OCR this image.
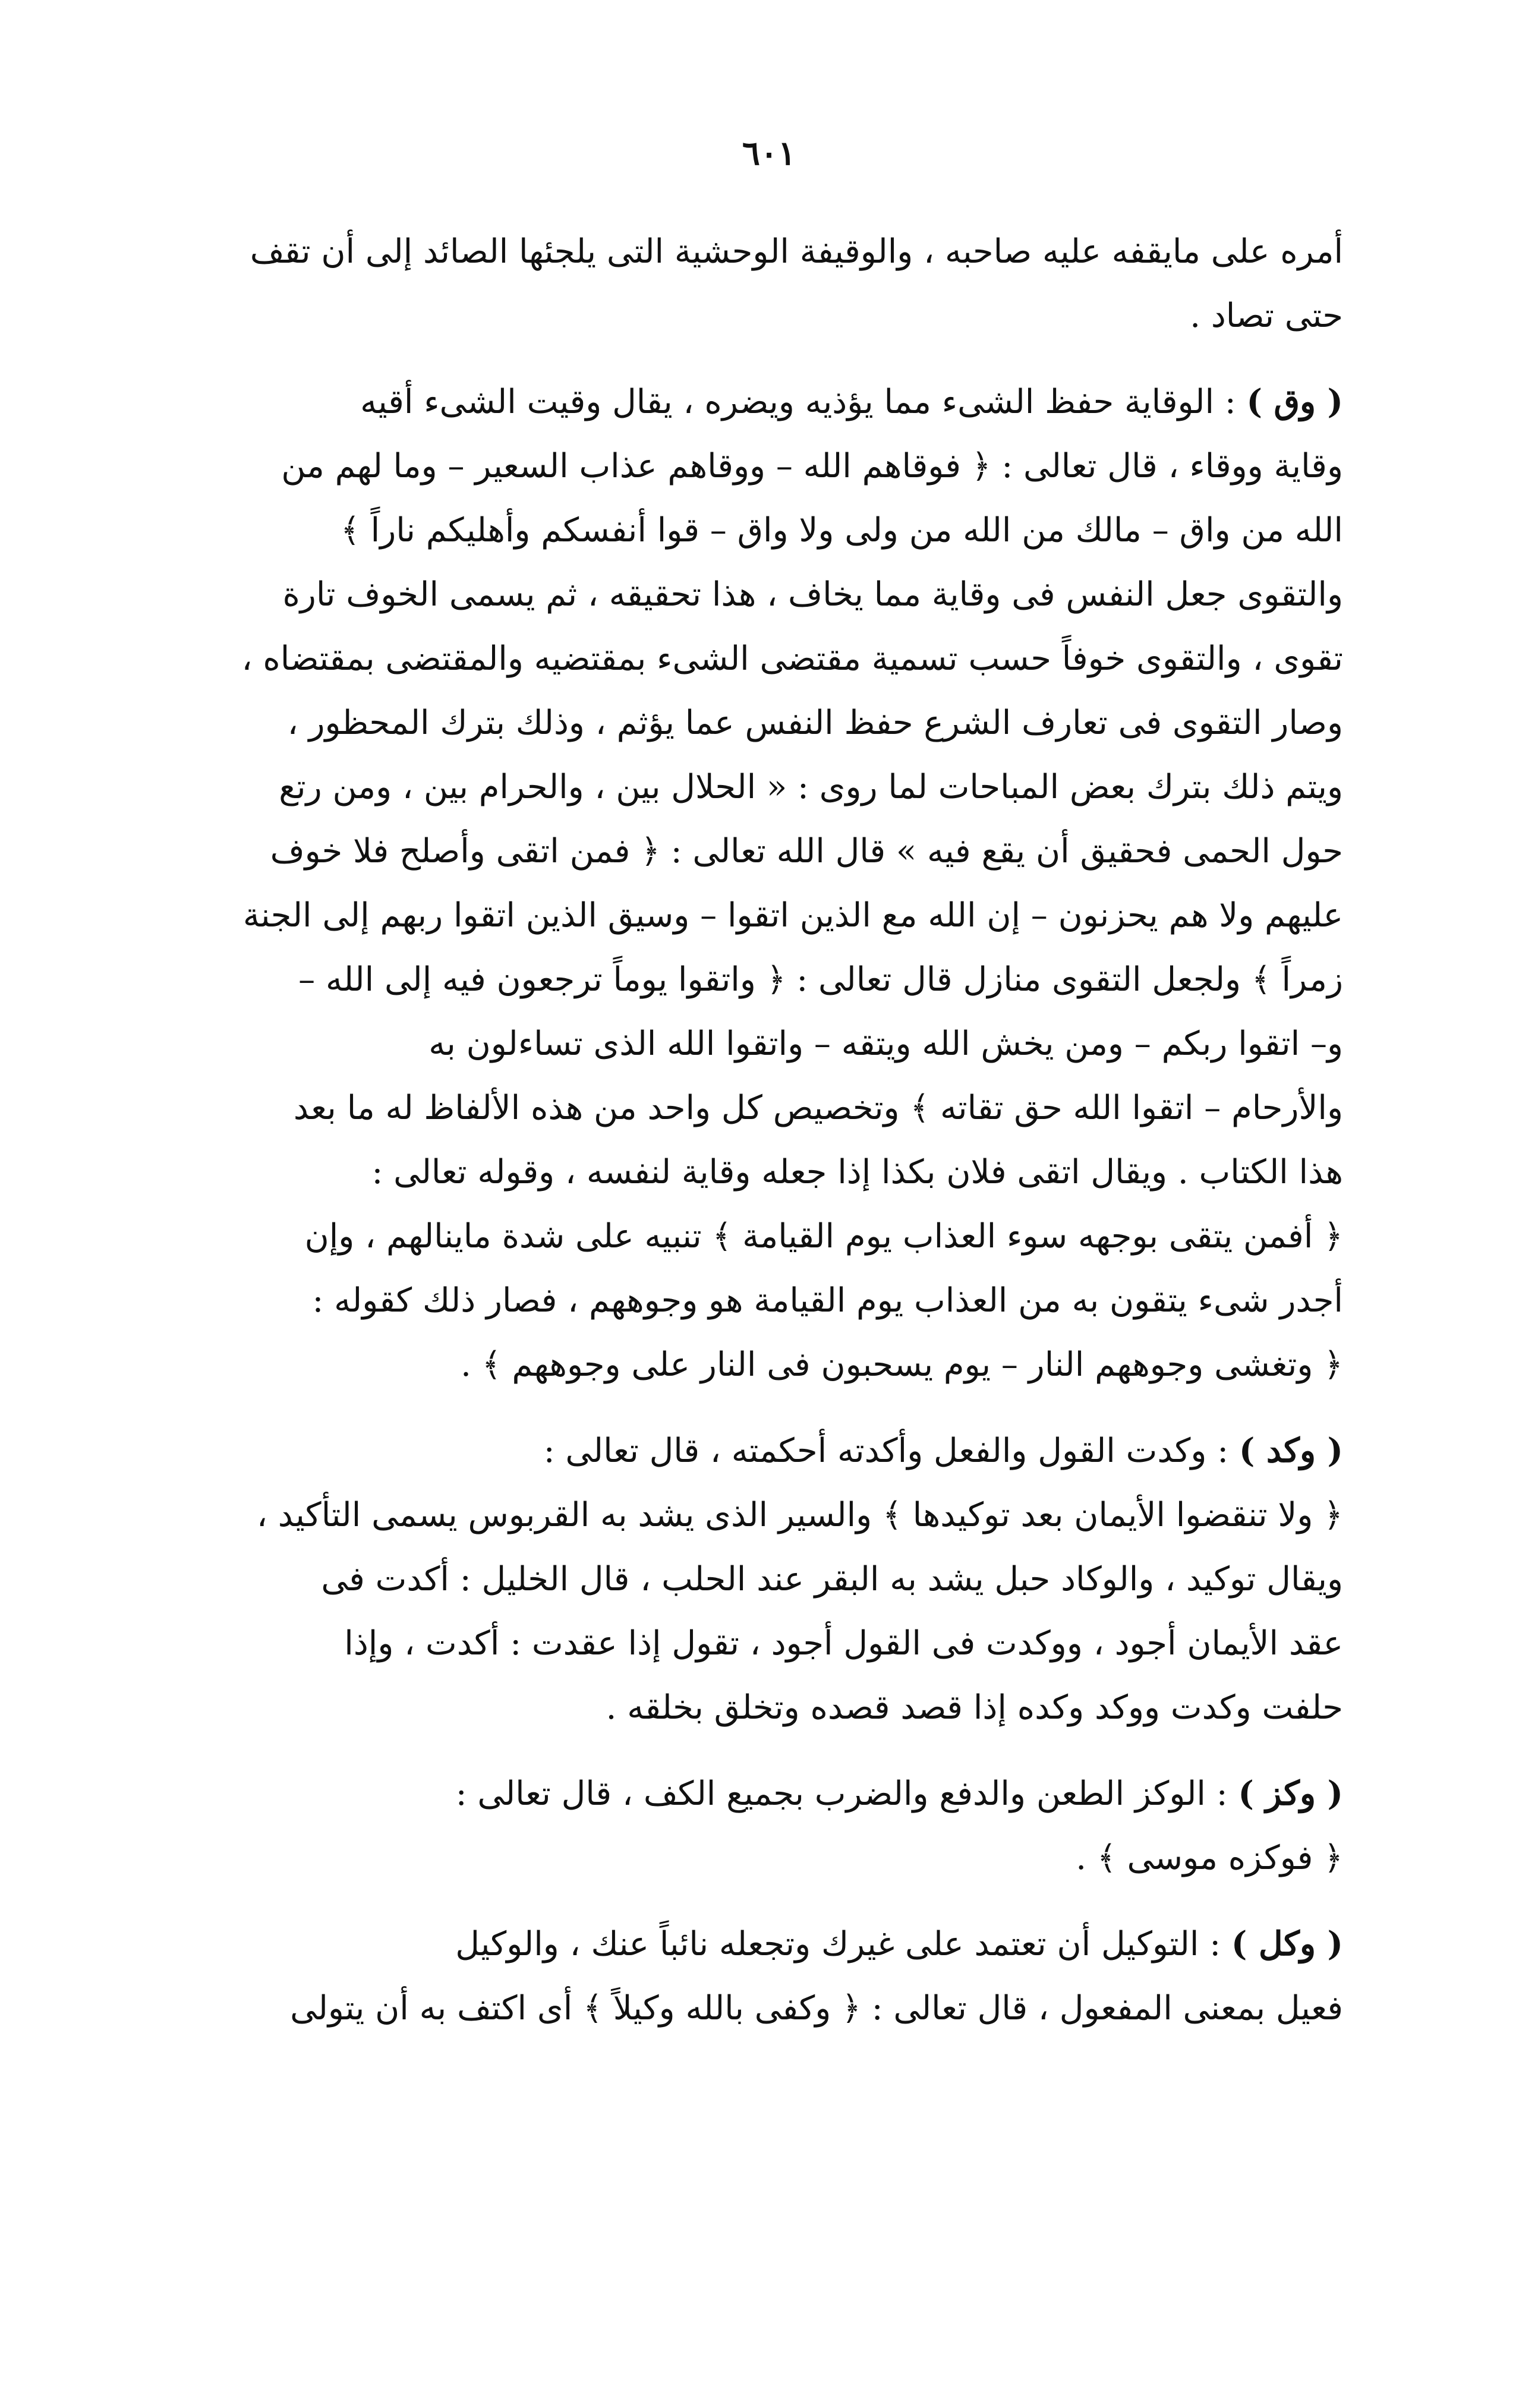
٦٠١

أمره على مايقفه عليه صاحبه ، والوقيفة الوحشية التى يلجئها الصائد إلى أن تقف
حتى تصاد .

( وق ) : الوقاية حفظ الشىء مما يؤذيه ويضره ، يقال وقيت الشىء أقيه
وقاية ووقاء ، قال تعالى : ﴿ فوقاهم الله – ووقاهم عذاب السعير – وما لهم من
الله من واق – مالك من الله من ولى ولا واق – قوا أنفسكم وأهليكم ناراً ﴾
والتقوى جعل النفس فى وقاية مما يخاف ، هذا تحقيقه ، ثم يسمى الخوف تارة
تقوى ، والتقوى خوفاً حسب تسمية مقتضى الشىء بمقتضيه والمقتضى بمقتضاه ،
وصار التقوى فى تعارف الشرع حفظ النفس عما يؤثم ، وذلك بترك المحظور ،
ويتم ذلك بترك بعض المباحات لما روى : « الحلال بين ، والحرام بين ، ومن رتع
حول الحمى فحقيق أن يقع فيه » قال الله تعالى : ﴿ فمن اتقى وأصلح فلا خوف
عليهم ولا هم يحزنون – إن الله مع الذين اتقوا – وسيق الذين اتقوا ربهم إلى الجنة
زمراً ﴾ ولجعل التقوى منازل قال تعالى : ﴿ واتقوا يوماً ترجعون فيه إلى الله –
و– اتقوا ربكم – ومن يخش الله ويتقه – واتقوا الله الذى تساءلون به
والأرحام – اتقوا الله حق تقاته ﴾ وتخصيص كل واحد من هذه الألفاظ له ما بعد
هذا الكتاب . ويقال اتقى فلان بكذا إذا جعله وقاية لنفسه ، وقوله تعالى :
﴿ أفمن يتقى بوجهه سوء العذاب يوم القيامة ﴾ تنبيه على شدة ماينالهم ، وإن
أجدر شىء يتقون به من العذاب يوم القيامة هو وجوههم ، فصار ذلك كقوله :
﴿ وتغشى وجوههم النار – يوم يسحبون فى النار على وجوههم ﴾ .

( وكد ) : وكدت القول والفعل وأكدته أحكمته ، قال تعالى :
﴿ ولا تنقضوا الأيمان بعد توكيدها ﴾ والسير الذى يشد به القربوس يسمى التأكيد ،
ويقال توكيد ، والوكاد حبل يشد به البقر عند الحلب ، قال الخليل : أكدت فى
عقد الأيمان أجود ، ووكدت فى القول أجود ، تقول إذا عقدت : أكدت ، وإذا
حلفت وكدت ووكد وكده إذا قصد قصده وتخلق بخلقه .

( وكز ) : الوكز الطعن والدفع والضرب بجميع الكف ، قال تعالى :
﴿ فوكزه موسى ﴾ .

( وكل ) : التوكيل أن تعتمد على غيرك وتجعله نائباً عنك ، والوكيل
فعيل بمعنى المفعول ، قال تعالى : ﴿ وكفى بالله وكيلاً ﴾ أى اكتف به أن يتولى
